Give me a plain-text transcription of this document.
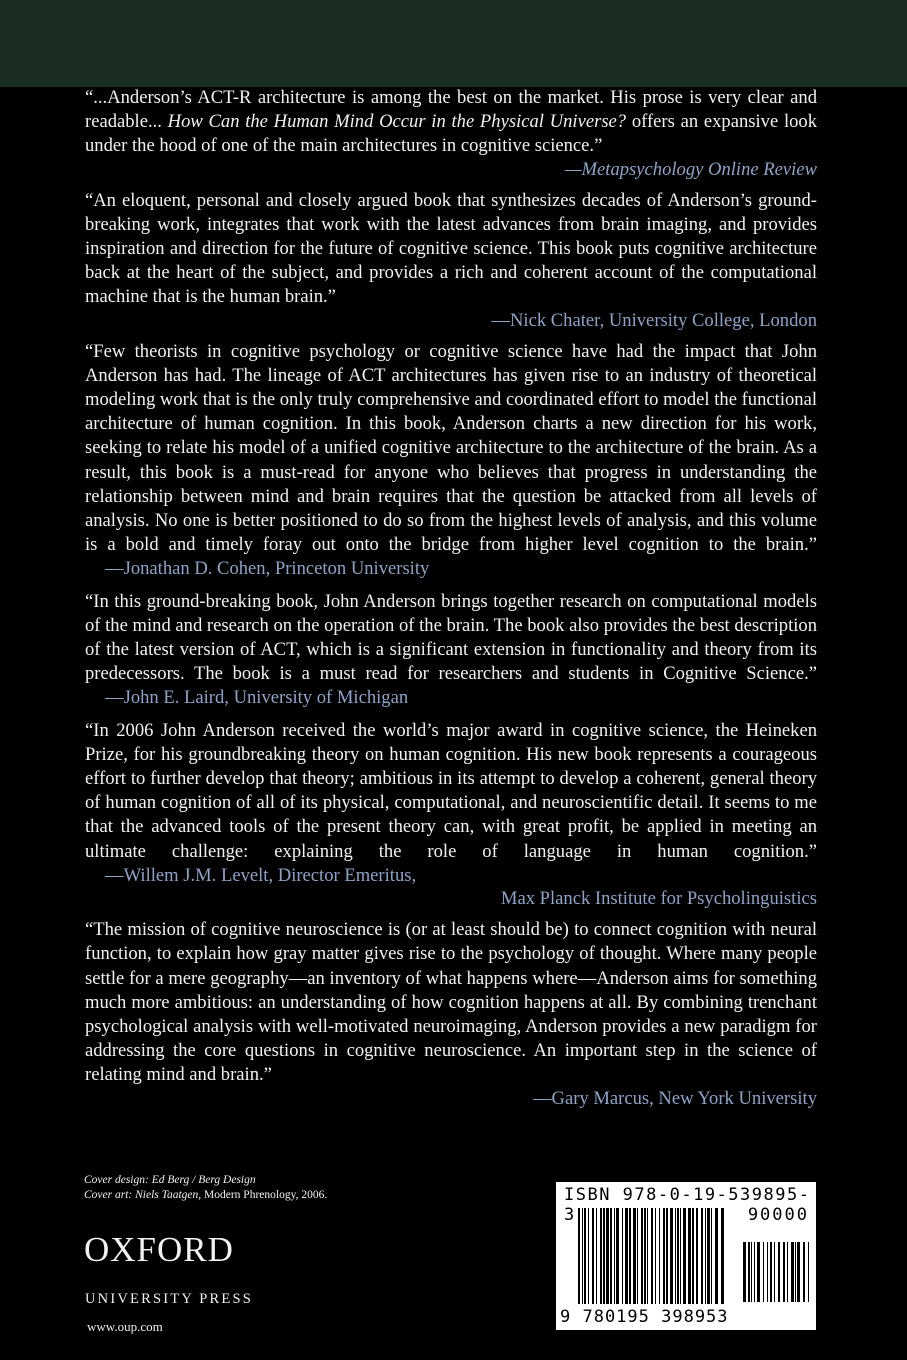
“...Anderson’s ACT-R architecture is among the best on the market. His prose is very clear and readable... How Can the Human Mind Occur in the Physical Universe? offers an expansive look under the hood of one of the main architectures in cognitive science.”

—Metapsychology Online Review

“An eloquent, personal and closely argued book that synthesizes decades of Anderson’s ground-breaking work, integrates that work with the latest advances from brain imaging, and provides inspiration and direction for the future of cognitive science. This book puts cognitive architecture back at the heart of the subject, and provides a rich and coherent account of the computational machine that is the human brain.”

—Nick Chater, University College, London

“Few theorists in cognitive psychology or cognitive science have had the impact that John Anderson has had. The lineage of ACT architectures has given rise to an industry of theoretical modeling work that is the only truly comprehensive and coordinated effort to model the functional architecture of human cognition. In this book, Anderson charts a new direction for his work, seeking to relate his model of a unified cognitive architecture to the architecture of the brain. As a result, this book is a must-read for anyone who believes that progress in understanding the relationship between mind and brain requires that the question be attacked from all levels of analysis. No one is better positioned to do so from the highest levels of analysis, and this volume is a bold and timely foray out onto the bridge from higher level cognition to the brain.” —Jonathan D. Cohen, Princeton University

“In this ground-breaking book, John Anderson brings together research on computational models of the mind and research on the operation of the brain. The book also provides the best description of the latest version of ACT, which is a significant extension in functionality and theory from its predecessors. The book is a must read for researchers and students in Cognitive Science.” —John E. Laird, University of Michigan

“In 2006 John Anderson received the world’s major award in cognitive science, the Heineken Prize, for his groundbreaking theory on human cognition. His new book represents a courageous effort to further develop that theory; ambitious in its attempt to develop a coherent, general theory of human cognition of all of its physical, computational, and neuroscientific detail. It seems to me that the advanced tools of the present theory can, with great profit, be applied in meeting an ultimate challenge: explaining the role of language in human cognition.” —Willem J.M. Levelt, Director Emeritus,

Max Planck Institute for Psycholinguistics

“The mission of cognitive neuroscience is (or at least should be) to connect cognition with neural function, to explain how gray matter gives rise to the psychology of thought. Where many people settle for a mere geography—an inventory of what happens where—Anderson aims for something much more ambitious: an understanding of how cognition happens at all. By combining trenchant psychological analysis with well-motivated neuroimaging, Anderson provides a new paradigm for addressing the core questions in cognitive neuroscience. An important step in the science of relating mind and brain.”

—Gary Marcus, New York University
Cover design: Ed Berg / Berg Design
Cover art: Niels Taatgen, Modern Phrenology, 2006.
OXFORD
UNIVERSITY PRESS
www.oup.com
ISBN 978-0-19-539895-3	90000
9 780195 398953
